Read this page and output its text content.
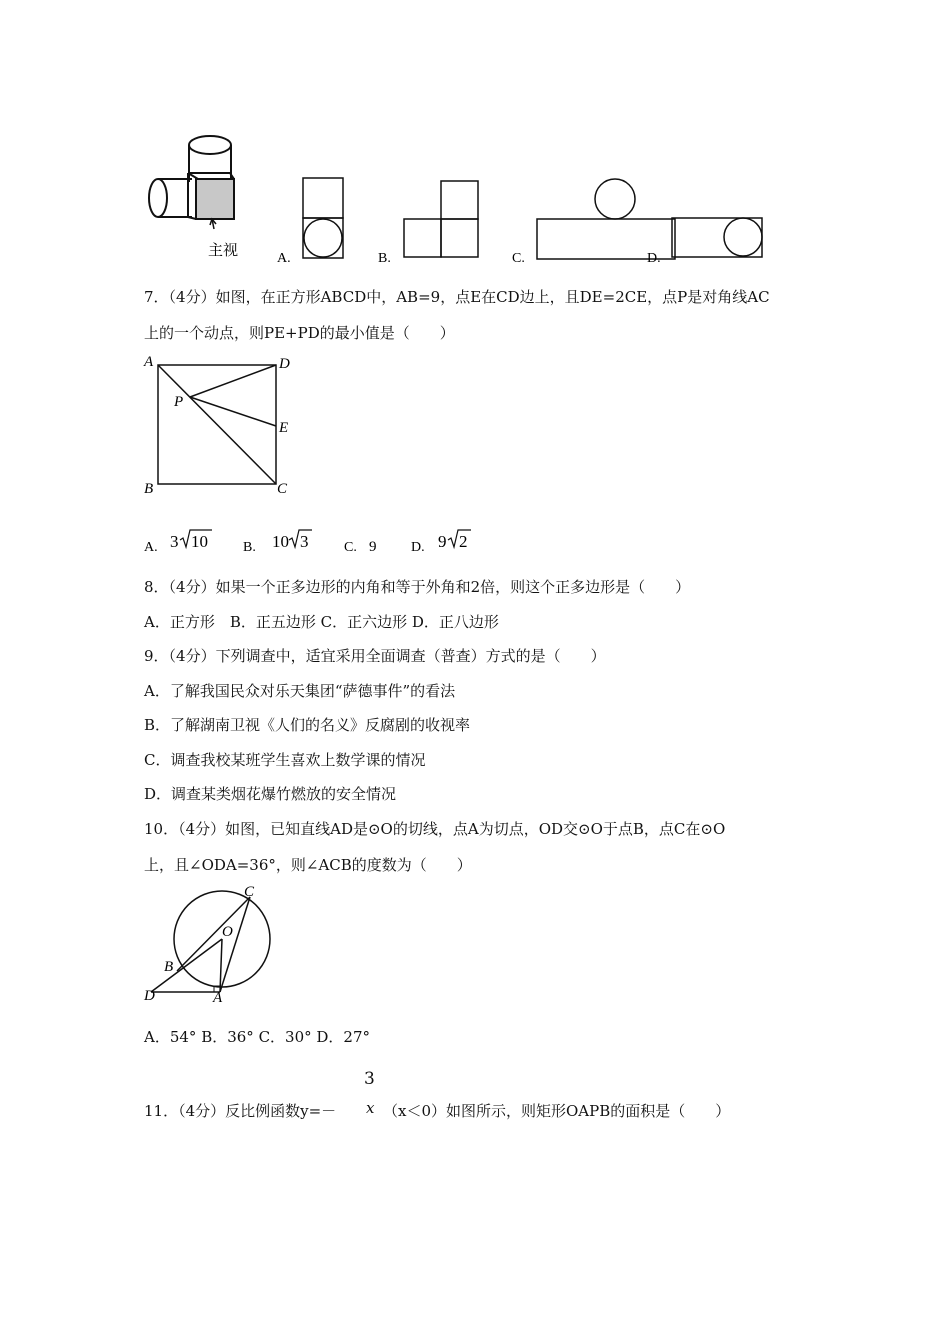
主视	A.	B.	C.	D.
7．（4分）如图，在正方形ABCD中，AB=9，点E在CD边上，且DE=2CE，点P是对角线AC
上的一个动点，则PE+PD的最小值是（　　）
A	D
P
E
B	C
A. 3 10	B. 10 3	C. 9 D. 9 2
8．（4分）如果一个正多边形的内角和等于外角和2倍，则这个正多边形是（　　）
A．正方形　B．正五边形 C．正六边形 D．正八边形
9．（4分）下列调查中，适宜采用全面调查（普查）方式的是（　　）
A．了解我国民众对乐天集团“萨德事件”的看法
B．了解湖南卫视《人们的名义》反腐剧的收视率
C．调查我校某班学生喜欢上数学课的情况
D．调查某类烟花爆竹燃放的安全情况
10．（4分）如图，已知直线AD是⊙O的切线，点A为切点，OD交⊙O于点B，点C在⊙O
上，且∠ODA=36°，则∠ACB的度数为（　　）
C
O
B
D	A
A．54° B．36° C．30° D．27°
11．（4分）反比例函数y=－
3
x （x＜0）如图所示，则矩形OAPB的面积是（　　）
